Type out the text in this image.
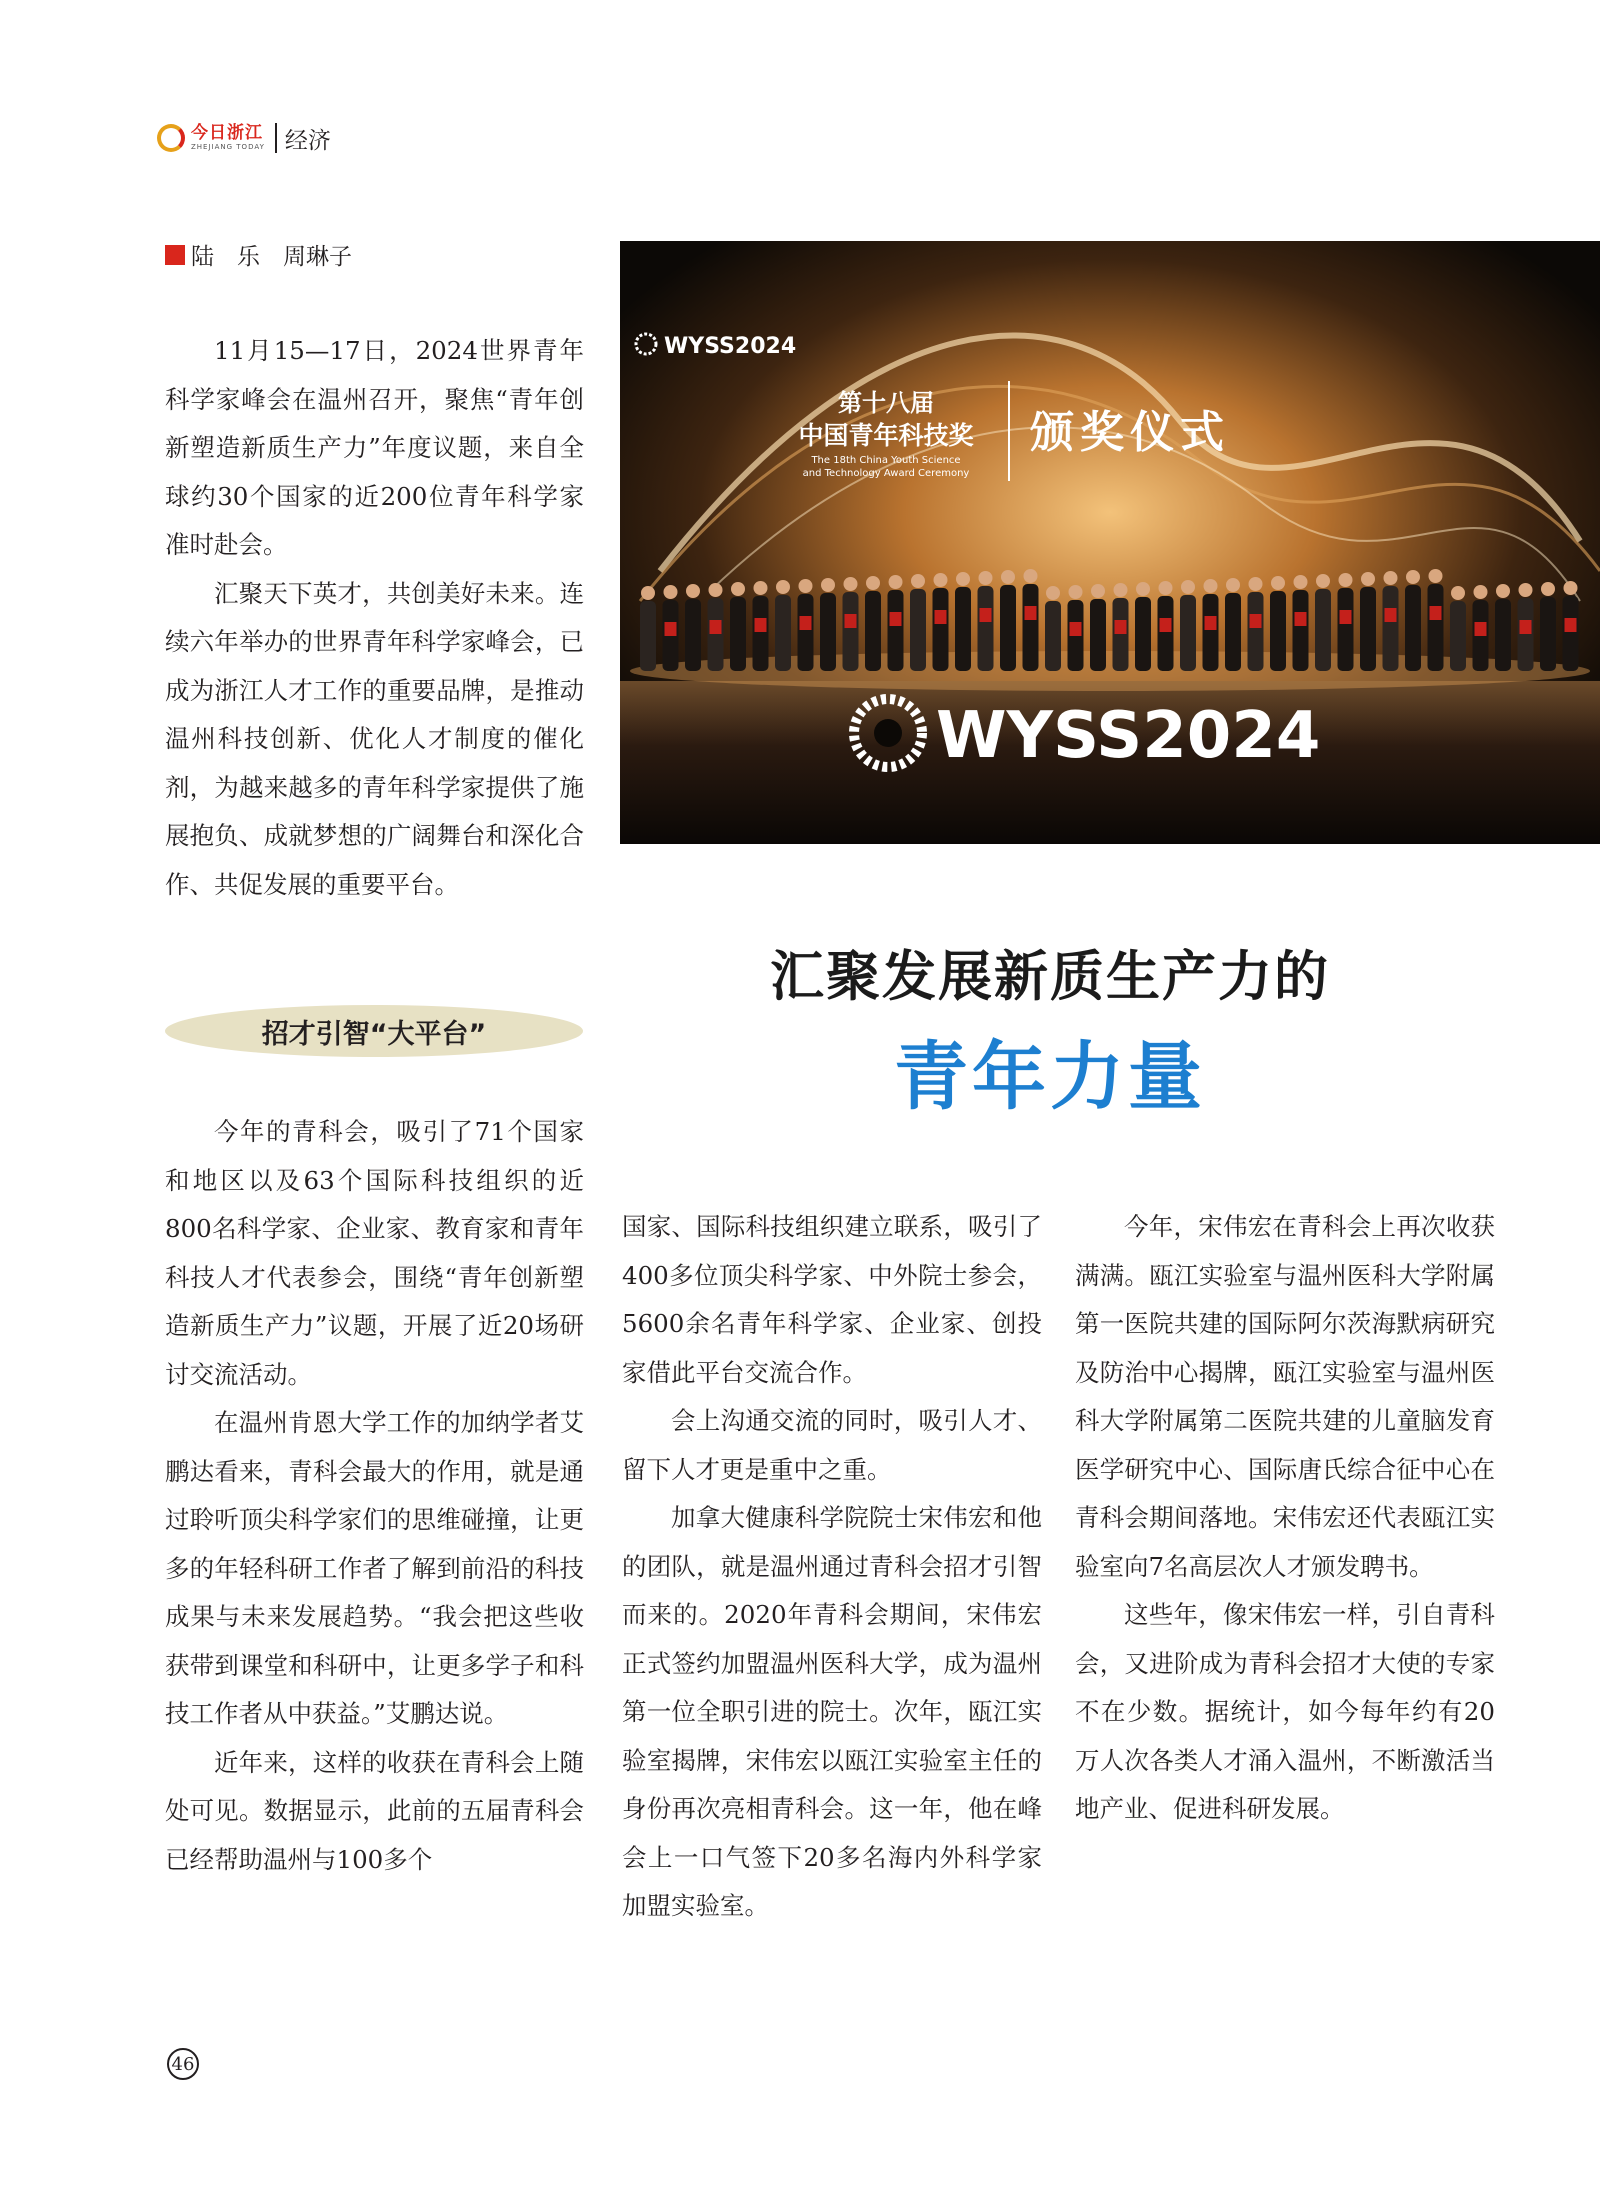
今日浙江
ZHEJIANG TODAY 经济
陆　乐　周琳子

11月15—17日，2024世界青年科学家峰会在温州召开，聚焦“青年创新塑造新质生产力”年度议题，来自全球约30个国家的近200位青年科学家准时赴会。

汇聚天下英才，共创美好未来。连续六年举办的世界青年科学家峰会，已成为浙江人才工作的重要品牌，是推动温州科技创新、优化人才制度的催化剂，为越来越多的青年科学家提供了施展抱负、成就梦想的广阔舞台和深化合作、共促发展的重要平台。

招才引智“大平台”

今年的青科会，吸引了71个国家和地区以及63个国际科技组织的近800名科学家、企业家、教育家和青年科技人才代表参会，围绕“青年创新塑造新质生产力”议题，开展了近20场研讨交流活动。

在温州肯恩大学工作的加纳学者艾鹏达看来，青科会最大的作用，就是通过聆听顶尖科学家们的思维碰撞，让更多的年轻科研工作者了解到前沿的科技成果与未来发展趋势。“我会把这些收获带到课堂和科研中，让更多学子和科技工作者从中获益。”艾鹏达说。

近年来，这样的收获在青科会上随处可见。数据显示，此前的五届青科会已经帮助温州与100多个

WYSS2024
第十八届
中国青年科技奖
The 18th China Youth Science
and Technology Award Ceremony
颁奖仪式
WYSS2024
汇聚发展新质生产力的
青年力量

国家、国际科技组织建立联系，吸引了400多位顶尖科学家、中外院士参会，5600余名青年科学家、企业家、创投家借此平台交流合作。

会上沟通交流的同时，吸引人才、留下人才更是重中之重。

加拿大健康科学院院士宋伟宏和他的团队，就是温州通过青科会招才引智而来的。2020年青科会期间，宋伟宏正式签约加盟温州医科大学，成为温州第一位全职引进的院士。次年，瓯江实验室揭牌，宋伟宏以瓯江实验室主任的身份再次亮相青科会。这一年，他在峰会上一口气签下20多名海内外科学家加盟实验室。

今年，宋伟宏在青科会上再次收获满满。瓯江实验室与温州医科大学附属第一医院共建的国际阿尔茨海默病研究及防治中心揭牌，瓯江实验室与温州医科大学附属第二医院共建的儿童脑发育医学研究中心、国际唐氏综合征中心在青科会期间落地。宋伟宏还代表瓯江实验室向7名高层次人才颁发聘书。

这些年，像宋伟宏一样，引自青科会，又进阶成为青科会招才大使的专家不在少数。据统计，如今每年约有20万人次各类人才涌入温州，不断激活当地产业、促进科研发展。

46
